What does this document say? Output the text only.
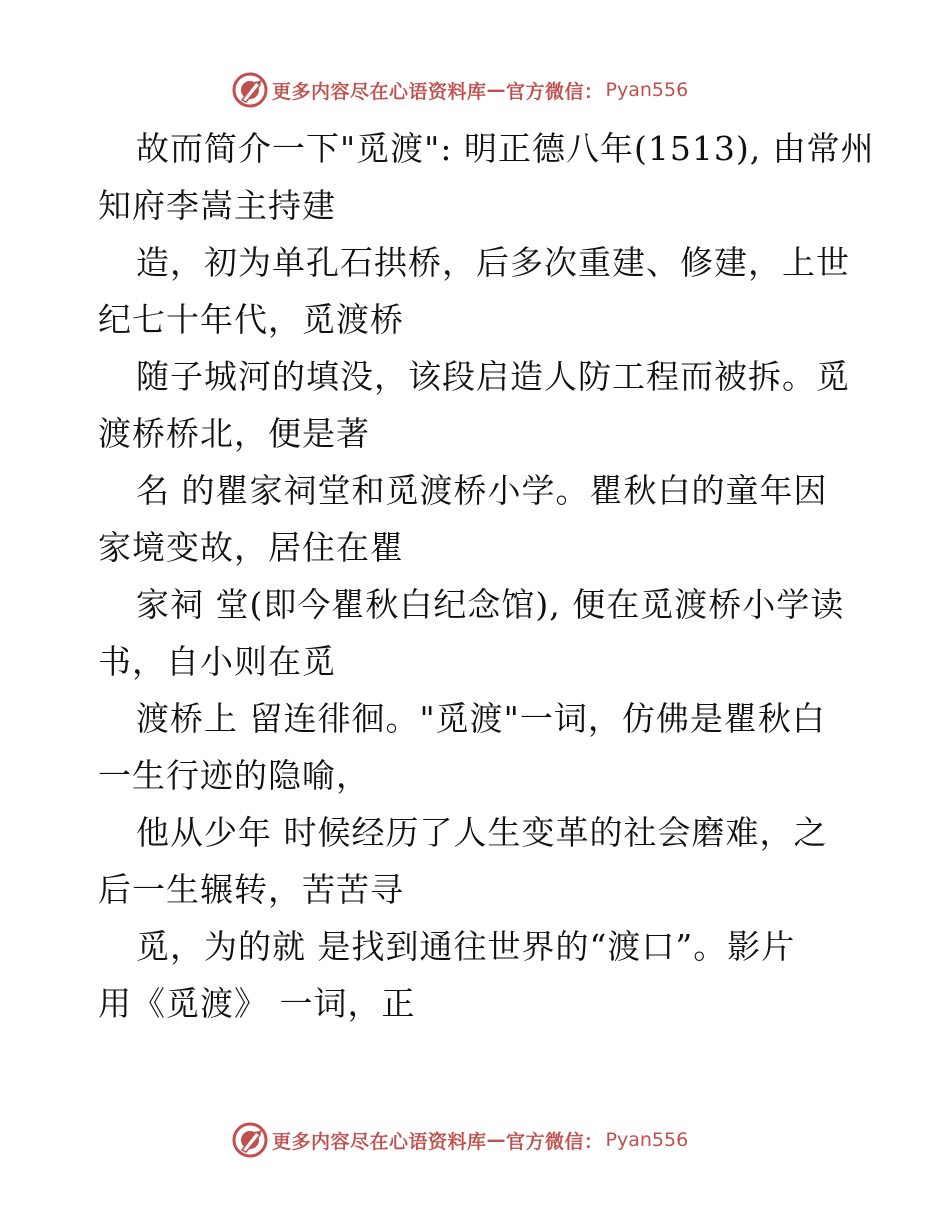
更多内容尽在心语资料库 — 官方微信： Pyan556
故而简介一下"觅渡": 明正德八年(1513), 由常州
知府李嵩主持建
造，初为单孔石拱桥，后多次重建、修建，上世
纪七十年代，觅渡桥
随子城河的填没，该段启造人防工程而被拆。觅
渡桥桥北，便是著
名 的瞿家祠堂和觅渡桥小学。瞿秋白的童年因
家境变故，居住在瞿
家祠 堂(即今瞿秋白纪念馆), 便在觅渡桥小学读
书，自小则在觅
渡桥上 留连徘徊。"觅渡"一词，仿佛是瞿秋白
一生行迹的隐喻，
他从少年 时候经历了人生变革的社会磨难，之
后一生辗转，苦苦寻
觅，为的就 是找到通往世界的“渡口”。影片
用《觅渡》 一词，正
更多内容尽在心语资料库 — 官方微信： Pyan556
